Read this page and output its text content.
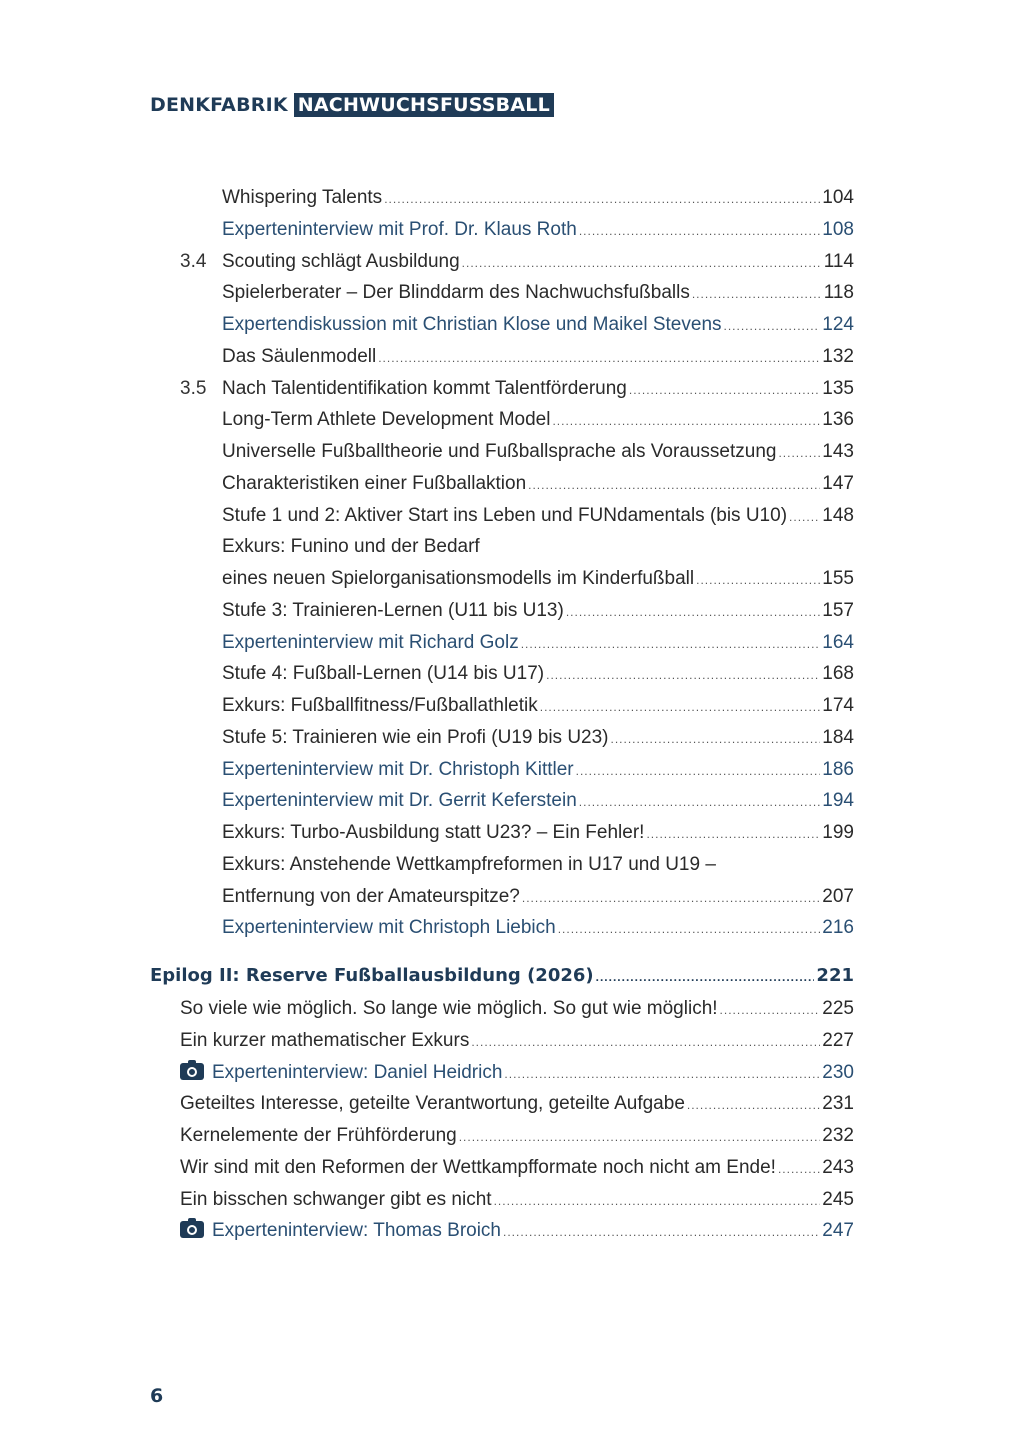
DENKFABRIK NACHWUCHSFUSSBALL
Whispering Talents .....	104
Experteninterview mit Prof. Dr. Klaus Roth .....	108
3.4 Scouting schlägt Ausbildung .....	114
Spielerberater – Der Blinddarm des Nachwuchsfußballs .....	118
Expertendiskussion mit Christian Klose und Maikel Stevens .....	124
Das Säulenmodell .....	132
3.5 Nach Talentidentifikation kommt Talentförderung .....	135
Long-Term Athlete Development Model .....	136
Universelle Fußballtheorie und Fußballsprache als Voraussetzung ..... 143
Charakteristiken einer Fußballaktion .....	147
Stufe 1 und 2: Aktiver Start ins Leben und FUNdamentals (bis U10) ..... 148
Exkurs: Funino und der Bedarf
eines neuen Spielorganisationsmodells im Kinderfußball .....	155
Stufe 3: Trainieren-Lernen (U11 bis U13) .....	157
Experteninterview mit Richard Golz .....	164
Stufe 4: Fußball-Lernen (U14 bis U17) .....	168
Exkurs: Fußballfitness/Fußballathletik .....	174
Stufe 5: Trainieren wie ein Profi (U19 bis U23) .....	184
Experteninterview mit Dr. Christoph Kittler .....	186
Experteninterview mit Dr. Gerrit Keferstein .....	194
Exkurs: Turbo-Ausbildung statt U23? – Ein Fehler! .....	199
Exkurs: Anstehende Wettkampfreformen in U17 und U19 –
Entfernung von der Amateurspitze? .....	207
Experteninterview mit Christoph Liebich .....	216
Epilog II: Reserve Fußballausbildung (2026) .....	221
So viele wie möglich. So lange wie möglich. So gut wie möglich! .....	225
Ein kurzer mathematischer Exkurs .....	227
Experteninterview: Daniel Heidrich .....	230
Geteiltes Interesse, geteilte Verantwortung, geteilte Aufgabe .....	231
Kernelemente der Frühförderung .....	232
Wir sind mit den Reformen der Wettkampfformate noch nicht am Ende! ..... 243
Ein bisschen schwanger gibt es nicht .....	245
Experteninterview: Thomas Broich .....	247
6
